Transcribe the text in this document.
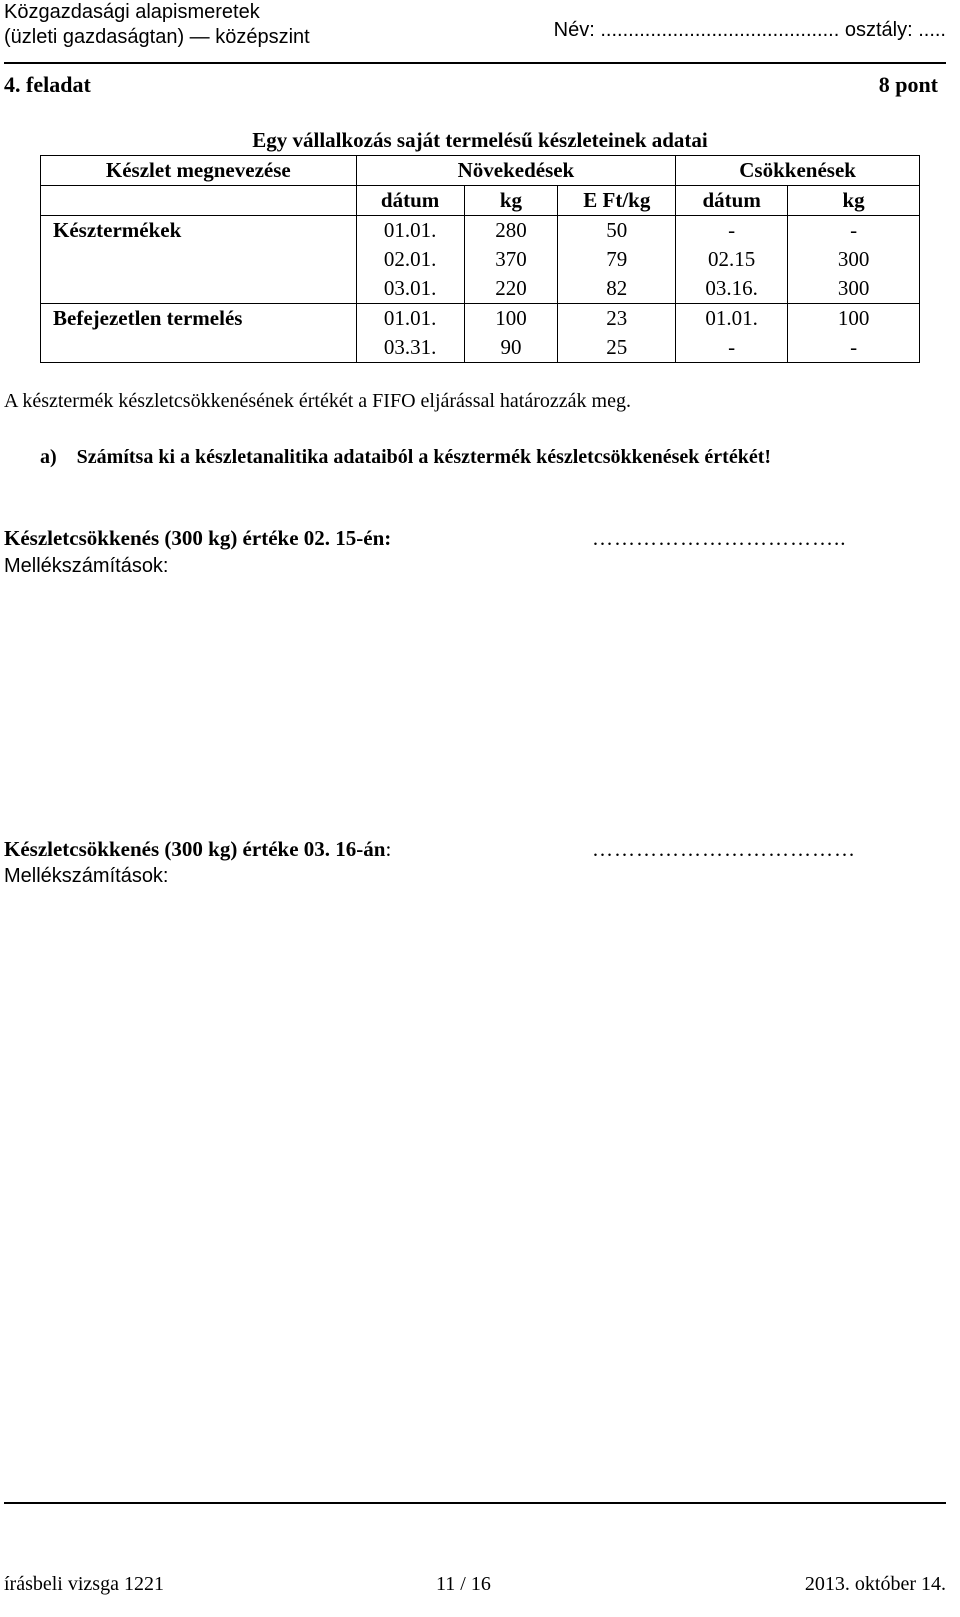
Közgazdasági alapismeretek
(üzleti gazdaságtan) — középszint	Név: ........................................... osztály: .....
4. feladat	8 pont
Egy vállalkozás saját termelésű készleteinek adatai
Készlet megnevezése	Növekedések			Csökkenések	
	dátum	kg	E Ft/kg	dátum	kg
Késztermékek	01.01.	280	50	-	-
	02.01.	370	79	02.15	300
	03.01.	220	82	03.16.	300
Befejezetlen termelés	01.01.	100	23	01.01.	100
	03.31.	90	25	-	-
A késztermék készletcsökkenésének értékét a FIFO eljárással határozzák meg.
a) Számítsa ki a készletanalitika adataiból a késztermék készletcsökkenések értékét!
Készletcsökkenés (300 kg) értéke 02. 15-én:	……………………………..
Mellékszámítások:
Készletcsökkenés (300 kg) értéke 03. 16-án:	………………………………
Mellékszámítások:
írásbeli vizsga 1221	11 / 16	2013. október 14.
